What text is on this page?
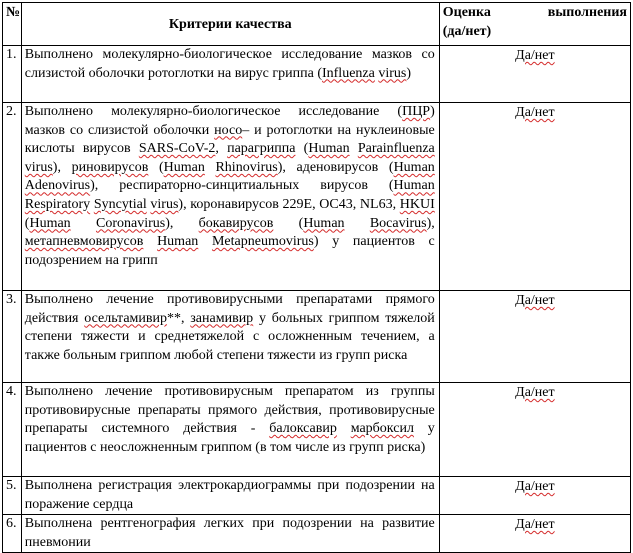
№	Критерии качества	Оценка выполнения
(да/нет)

1.	Выполнено молекулярно-биологическое исследование мазков со слизистой оболочки ротоглотки на вирус гриппа (Influenza virus)	Да/нет
2.	Выполнено молекулярно-биологическое исследование (ПЦР) мазков со слизистой оболочки носо– и ротоглотки на нуклеиновые кислоты вирусов SARS-CoV-2, парагриппа (Human Parainfluenza virus), риновирусов (Human Rhinovirus), аденовирусов (Human Adenovirus), респираторно-синцитиальных вирусов (Human Respiratory Syncytial virus), коронавирусов 229E, OC43, NL63, HKUI (Human Coronavirus), бокавирусов (Human Bocavirus), метапневмовирусов Human Metapneumovirus) у пациентов с подозрением на грипп	Да/нет
3.	Выполнено лечение противовирусными препаратами прямого действия осельтамивир**, занамивир у больных гриппом тяжелой степени тяжести и среднетяжелой с осложненным течением, а также больным гриппом любой степени тяжести из групп риска	Да/нет
4.	Выполнено лечение противовирусным препаратом из группы противовирусные препараты прямого действия, противовирусные препараты системного действия - балоксавир марбоксил у пациентов с неосложненным гриппом (в том числе из групп риска)	Да/нет
5.	Выполнена регистрация электрокардиограммы при подозрении на поражение сердца	Да/нет
6.	Выполнена рентгенография легких при подозрении на развитие пневмонии	Да/нет
